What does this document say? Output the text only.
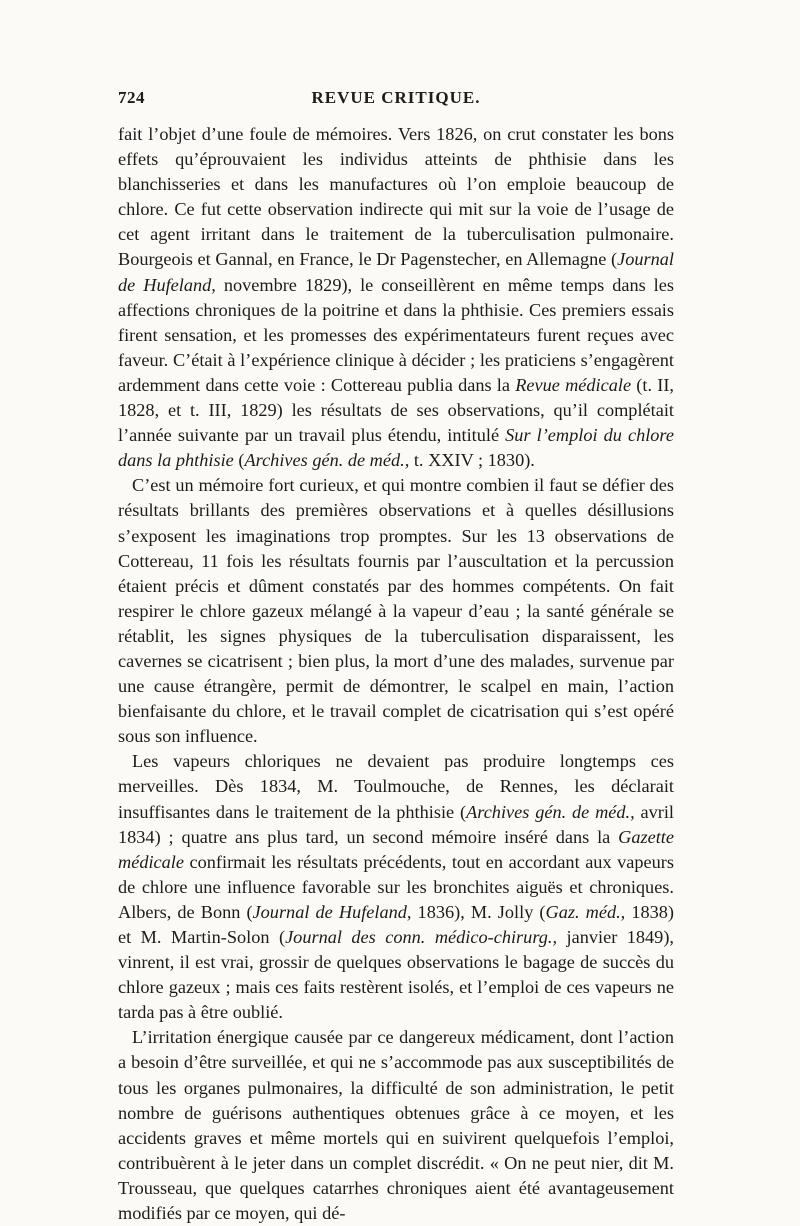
724	REVUE CRITIQUE.

fait l’objet d’une foule de mémoires. Vers 1826, on crut constater les bons effets qu’éprouvaient les individus atteints de phthisie dans les blanchisseries et dans les manufactures où l’on emploie beaucoup de chlore. Ce fut cette observation indirecte qui mit sur la voie de l’usage de cet agent irritant dans le traitement de la tuberculisation pulmonaire. Bourgeois et Gannal, en France, le Dr Pagenstecher, en Allemagne (Journal de Hufeland, novembre 1829), le conseillèrent en même temps dans les affections chroniques de la poitrine et dans la phthisie. Ces premiers essais firent sensation, et les promesses des expérimentateurs furent reçues avec faveur. C’était à l’expérience clinique à décider ; les praticiens s’engagèrent ardemment dans cette voie : Cottereau publia dans la Revue médicale (t. II, 1828, et t. III, 1829) les résultats de ses observations, qu’il complétait l’année suivante par un travail plus étendu, intitulé Sur l’emploi du chlore dans la phthisie (Archives gén. de méd., t. XXIV ; 1830).

C’est un mémoire fort curieux, et qui montre combien il faut se défier des résultats brillants des premières observations et à quelles désillusions s’exposent les imaginations trop promptes. Sur les 13 observations de Cottereau, 11 fois les résultats fournis par l’auscultation et la percussion étaient précis et dûment constatés par des hommes compétents. On fait respirer le chlore gazeux mélangé à la vapeur d’eau ; la santé générale se rétablit, les signes physiques de la tuberculisation disparaissent, les cavernes se cicatrisent ; bien plus, la mort d’une des malades, survenue par une cause étrangère, permit de démontrer, le scalpel en main, l’action bienfaisante du chlore, et le travail complet de cicatrisation qui s’est opéré sous son influence.

Les vapeurs chloriques ne devaient pas produire longtemps ces merveilles. Dès 1834, M. Toulmouche, de Rennes, les déclarait insuffisantes dans le traitement de la phthisie (Archives gén. de méd., avril 1834) ; quatre ans plus tard, un second mémoire inséré dans la Gazette médicale confirmait les résultats précédents, tout en accordant aux vapeurs de chlore une influence favorable sur les bronchites aiguës et chroniques. Albers, de Bonn (Journal de Hufeland, 1836), M. Jolly (Gaz. méd., 1838) et M. Martin-Solon (Journal des conn. médico-chirurg., janvier 1849), vinrent, il est vrai, grossir de quelques observations le bagage de succès du chlore gazeux ; mais ces faits restèrent isolés, et l’emploi de ces vapeurs ne tarda pas à être oublié.

L’irritation énergique causée par ce dangereux médicament, dont l’action a besoin d’être surveillée, et qui ne s’accommode pas aux susceptibilités de tous les organes pulmonaires, la difficulté de son administration, le petit nombre de guérisons authentiques obtenues grâce à ce moyen, et les accidents graves et même mortels qui en suivirent quelquefois l’emploi, contribuèrent à le jeter dans un complet discrédit. « On ne peut nier, dit M. Trousseau, que quelques catarrhes chroniques aient été avantageusement modifiés par ce moyen, qui dé-
